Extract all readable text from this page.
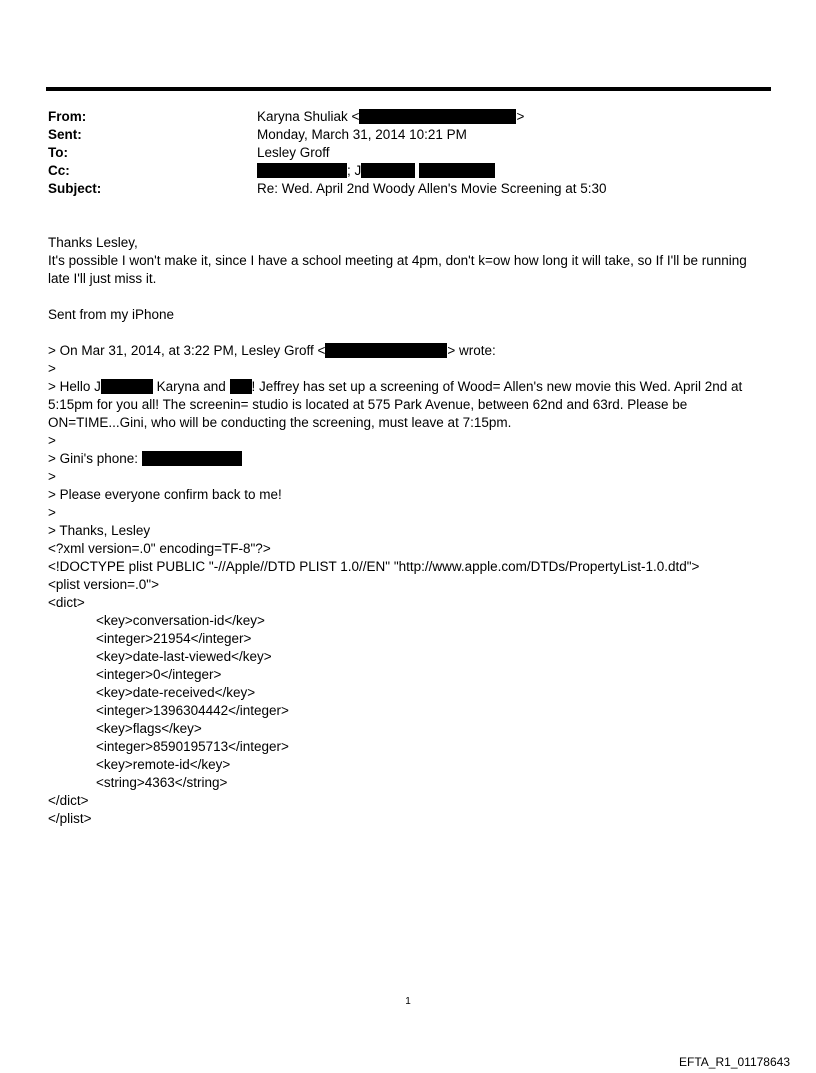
From:	Karyna Shuliak <	>
Sent:	Monday, March 31, 2014 10:21 PM
To:	Lesley Groff
Cc:	; J
Subject:	Re: Wed. April 2nd Woody Allen's Movie Screening at 5:30
Thanks Lesley,
It's possible I won't make it, since I have a school meeting at 4pm, don't k=ow how long it will take, so If I'll be running late I'll just miss it.
Sent from my iPhone
> On Mar 31, 2014, at 3:22 PM, Lesley Groff <	> wrote:
>
> Hello J	Karyna and ! Jeffrey has set up a screening of Wood= Allen's new movie this Wed. April 2nd at 5:15pm for you all! The screenin= studio is located at 575 Park Avenue, between 62nd and 63rd. Please be ON=TIME...Gini, who will be conducting the screening, must leave at 7:15pm.
>
> Gini's phone:
>
> Please everyone confirm back to me!
>
> Thanks, Lesley
<?xml version=.0" encoding=TF-8"?>
<!DOCTYPE plist PUBLIC "-//Apple//DTD PLIST 1.0//EN" "http://www.apple.com/DTDs/PropertyList-1.0.dtd">
<plist version=.0">
<dict>
<key>conversation-id</key>
<integer>21954</integer>
<key>date-last-viewed</key>
<integer>0</integer>
<key>date-received</key>
<integer>1396304442</integer>
<key>flags</key>
<integer>8590195713</integer>
<key>remote-id</key>
<string>4363</string>
</dict>
</plist>
1
EFTA_R1_01178643
